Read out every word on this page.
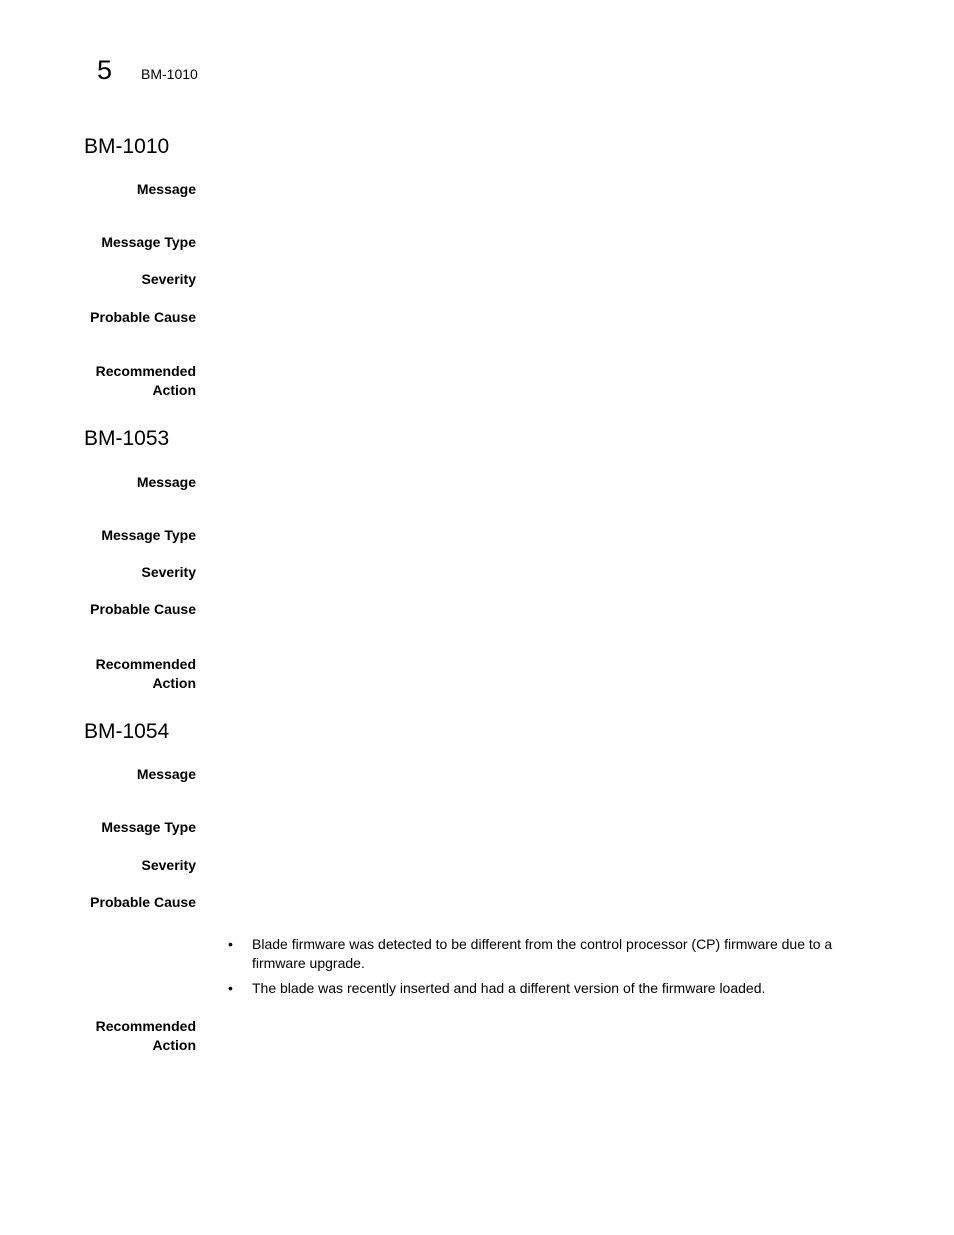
5 BM-1010
BM-1010
Message
Message Type
Severity
Probable Cause
Recommended
Action
BM-1053
Message
Message Type
Severity
Probable Cause
Recommended
Action
BM-1054
Message
Message Type
Severity
Probable Cause
• Blade firmware was detected to be different from the control processor (CP) firmware due to a firmware upgrade.
• The blade was recently inserted and had a different version of the firmware loaded.
Recommended
Action
